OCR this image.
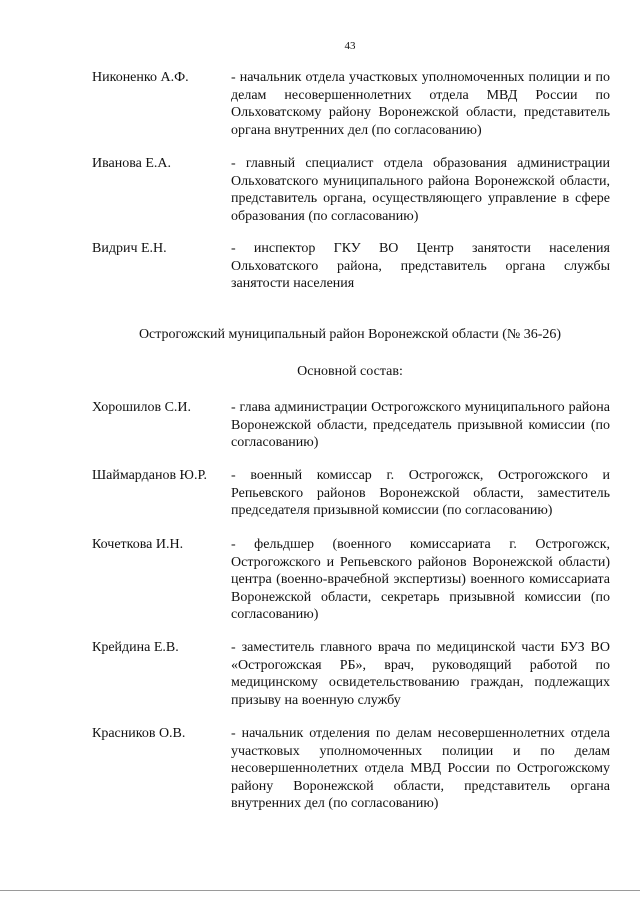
43
Никоненко А.Ф.	- начальник отдела участковых уполномоченных полиции и по делам несовершеннолетних отдела МВД России по Ольховатскому району Воронежской области, представитель органа внутренних дел (по согласованию)
Иванова Е.А.	- главный специалист отдела образования администрации Ольховатского муниципального района Воронежской области, представитель органа, осуществляющего управление в сфере образования (по согласованию)
Видрич Е.Н.	- инспектор ГКУ ВО Центр занятости населения Ольховатского района, представитель органа службы занятости населения
Острогожский муниципальный район Воронежской области (№ 36-26)
Основной состав:
Хорошилов С.И.	- глава администрации Острогожского муниципального района Воронежской области, председатель призывной комиссии (по согласованию)
Шаймарданов Ю.Р. - военный комиссар г. Острогожск, Острогожского и Репьевского районов Воронежской области, заместитель председателя призывной комиссии (по согласованию)
Кочеткова И.Н.	- фельдшер (военного комиссариата г. Острогожск, Острогожского и Репьевского районов Воронежской области) центра (военно-врачебной экспертизы) военного комиссариата Воронежской области, секретарь призывной комиссии (по согласованию)
Крейдина Е.В.	- заместитель главного врача по медицинской части БУЗ ВО «Острогожская РБ», врач, руководящий работой по медицинскому освидетельствованию граждан, подлежащих призыву на военную службу
Красников О.В.	- начальник отделения по делам несовершеннолетних отдела участковых уполномоченных полиции и по делам несовершеннолетних отдела МВД России по Острогожскому району Воронежской области, представитель органа внутренних дел (по согласованию)
